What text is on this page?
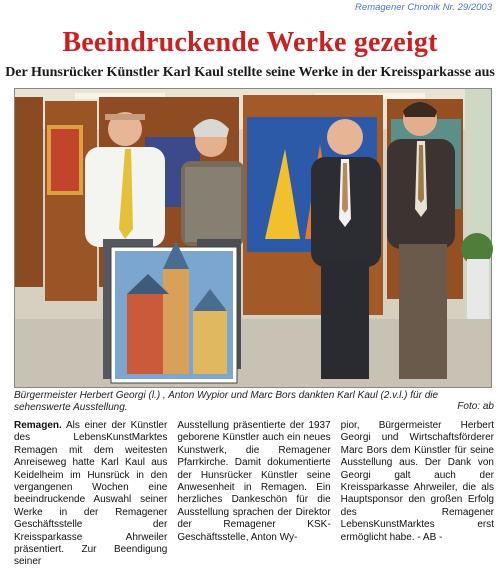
Remagener Chronik Nr. 29/2003
Beeindruckende Werke gezeigt
Der Hunsrücker Künstler Karl Kaul stellte seine Werke in der Kreissparkasse aus
Bürgermeister Herbert Georgi (l.) , Anton Wypior und Marc Bors dankten Karl Kaul (2.v.l.) für die sehenswerte Ausstellung.	Foto: ab

Remagen. Als einer der Künstler des LebensKunstMarktes Remagen mit dem weitesten Anreiseweg hatte Karl Kaul aus Keidelheim im Hunsrück in den vergangenen Wochen eine beeindruckende Auswahl seiner Werke in der Remagener Geschäftsstelle der Kreissparkasse Ahrweiler präsentiert. Zur Beendigung seiner

Ausstellung präsentierte der 1937 geborene Künstler auch ein neues Kunstwerk, die Remagener Pfarrkirche. Damit dokumentierte der Hunsrücker Künstler seine Anwesenheit in Remagen. Ein herzliches Dankeschön für die Ausstellung sprachen der Direktor der Remagener KSK-Geschäftsstelle, Anton Wy-

pior, Bürgermeister Herbert Georgi und Wirtschaftsförderer Marc Bors dem Künstler für seine Ausstellung aus. Der Dank von Georgi galt auch der Kreissparkasse Ahrweiler, die als Hauptsponsor den großen Erfolg des Remagener LebensKunstMarktes erst ermöglicht habe. - AB -
